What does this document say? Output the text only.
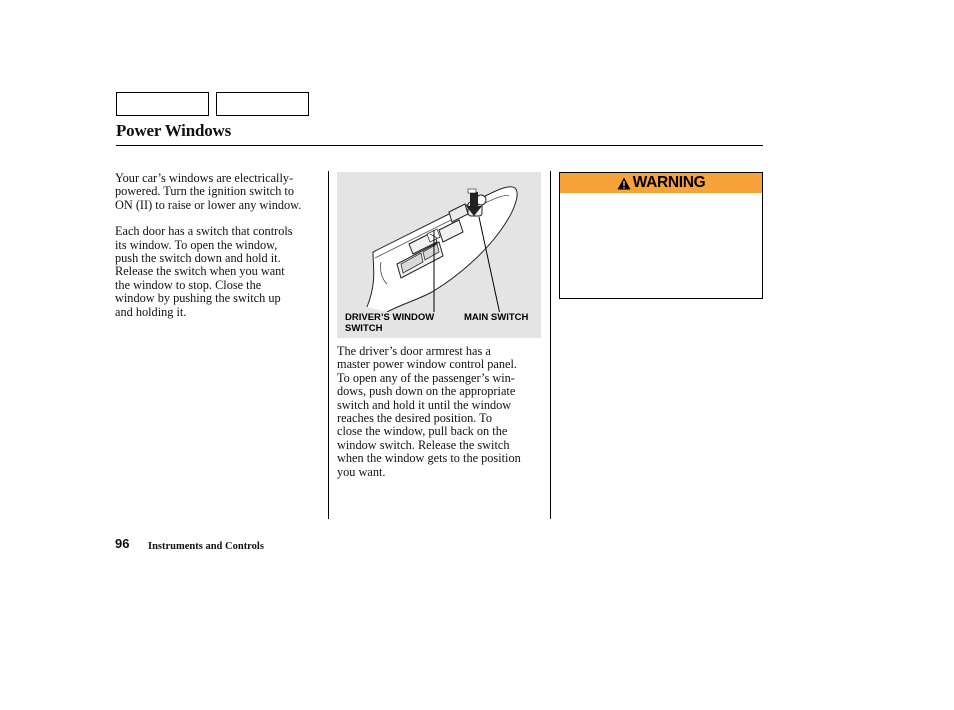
Power Windows

Your car’s windows are electrically-
powered. Turn the ignition switch to
ON (II) to raise or lower any window.

Each door has a switch that controls
its window. To open the window,
push the switch down and hold it.
Release the switch when you want
the window to stop. Close the
window by pushing the switch up
and holding it.	DRIVER’S WINDOW
SWITCH
MAIN SWITCH

The driver’s door armrest has a
master power window control panel.
To open any of the passenger’s win-
dows, push down on the appropriate
switch and hold it until the window
reaches the desired position. To
close the window, pull back on the
window switch. Release the switch
when the window gets to the position
you want.

WARNING
96 Instruments and Controls
